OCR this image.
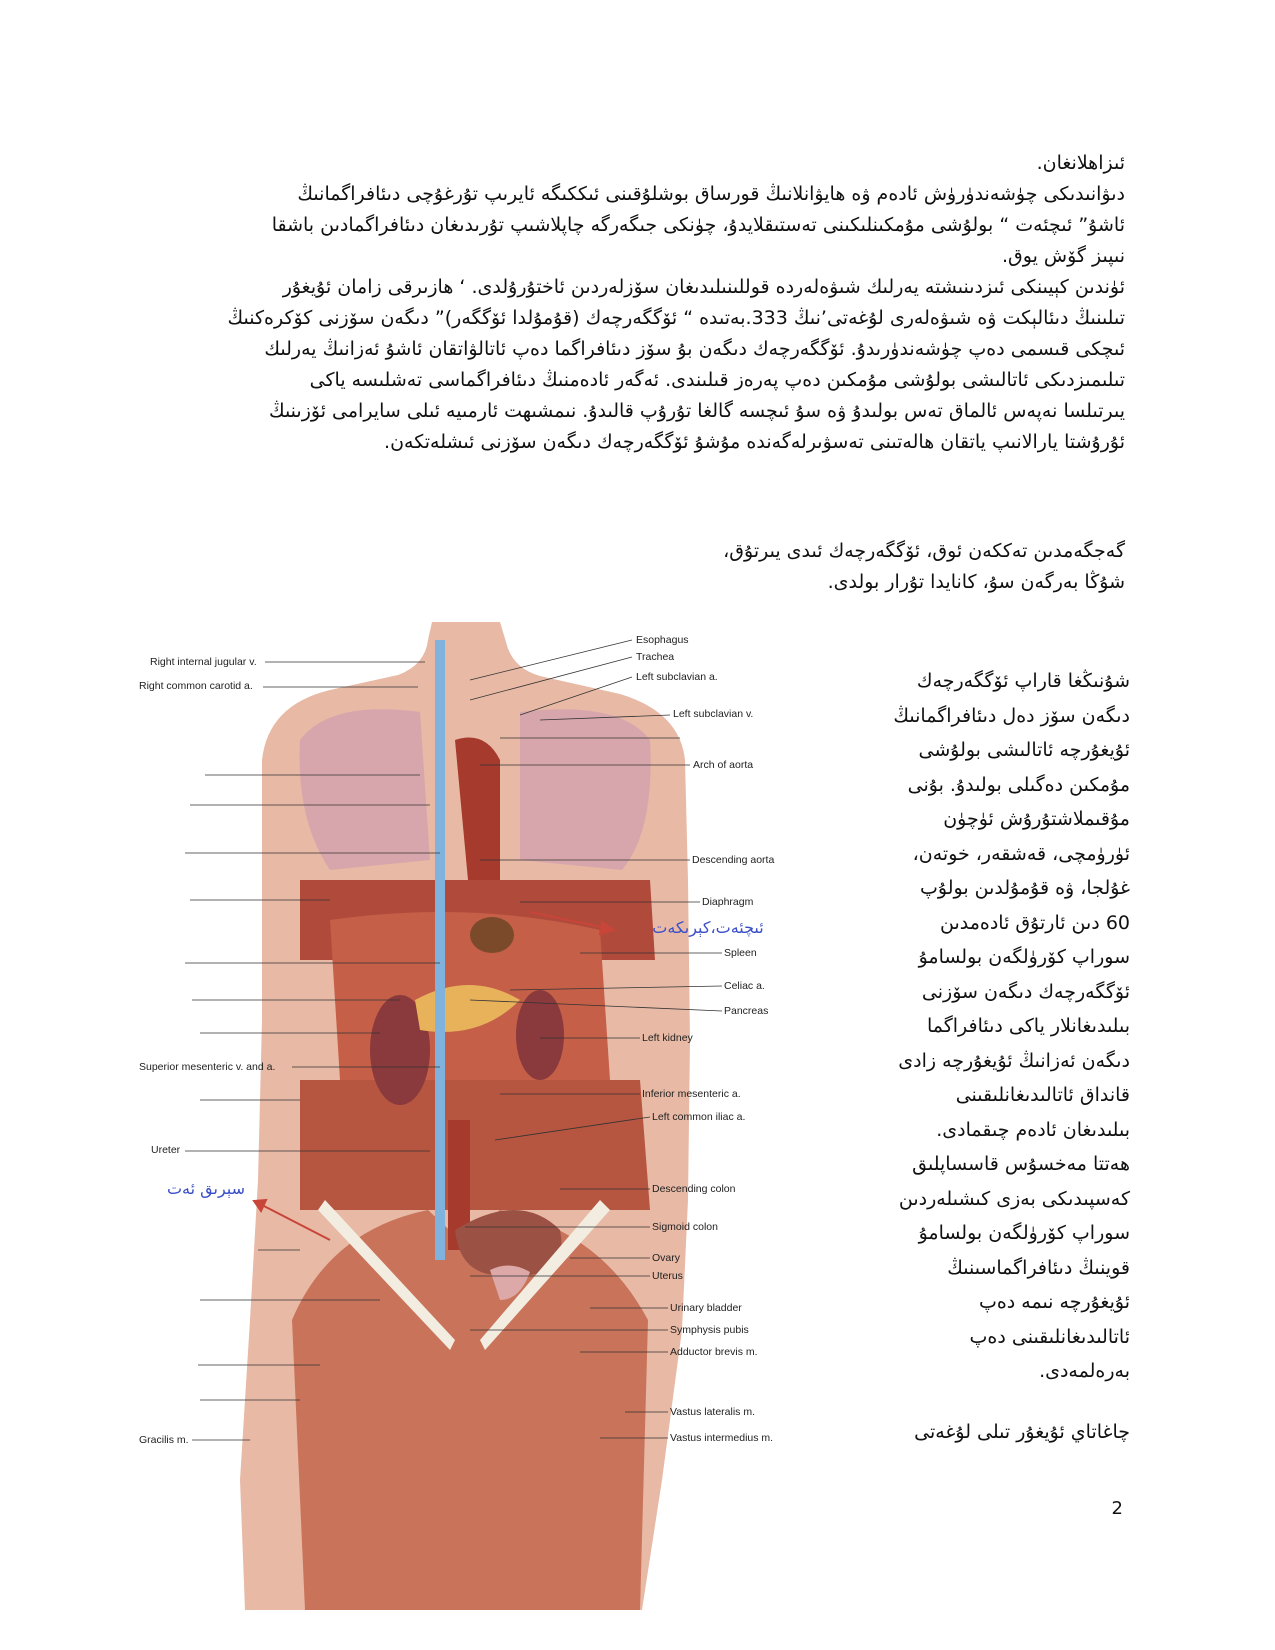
ئىزاھلانغان.

دىۋانىدىكى چۈشەندۈرۈش ئادەم ۋە ھايۋانلانىڭ قورساق بوشلۇقىنى ئىككىگە ئايرىپ تۇرغۇچى دىئافراگمانىڭ

ئاشۇ” ئىچئەت “ بولۇشى مۇمكىنلىكىنى تەستىقلايدۇ، چۈنكى جىگەرگە چاپلاشىپ تۇرىدىغان دىئافراگمادىن باشقا

نىپىز گۆش يوق.

ئۈندىن كېيىنكى ئىزدىنىشتە يەرلىك شىۋەلەردە قوللىنىلىدىغان سۆزلەردىن ئاختۇرۇلدى. ‘ ھازىرقى زامان ئۇيغۇر

تىلىنىڭ دىئالېكت ۋە شىۋەلەرى لۇغەتى’نىڭ 333.بەتىدە “ ئۆگگەرچەك (قۇمۇلدا ئۆگگەر)” دىگەن سۆزنى كۆكرەكنىڭ

ئىچكى قىسمى دەپ چۈشەندۈرىدۇ. ئۆگگەرچەك دىگەن بۇ سۆز دىئافراگما دەپ ئاتالۋاتقان ئاشۇ ئەزانىڭ يەرلىك

تىلىمىزدىكى ئاتالىشى بولۇشى مۇمكىن دەپ پەرەز قىلىندى. ئەگەر ئادەمنىڭ دىئافراگماسى تەشلىسە ياكى

يىرتىلسا نەپەس ئالماق تەس بولىدۇ ۋە سۇ ئىچسە گالغا تۇرۇپ قالىدۇ. نىمشىھت ئارمىيە ئىلى سايرامى ئۆزىنىڭ

ئۇرۇشتا يارالانىپ ياتقان ھالەتىنى تەسۋىرلەگەندە مۇشۇ ئۆگگەرچەك دىگەن سۆزنى ئىشلەتكەن.

گەجگەمدىن تەككەن ئوق، ئۆگگەرچەك ئىدى يىرتۇق،

شۇڭا بەرگەن سۇ، كانايدا تۇرار بولدى.

Right internal jugular v.
Right common carotid a.
Superior mesenteric v. and a.
Ureter
Gracilis m.
Esophagus
Trachea
Left subclavian a.
Left subclavian v.
Arch of aorta
Descending aorta
Diaphragm
Spleen
Celiac a.
Pancreas
Left kidney
Inferior mesenteric a.
Left common iliac a.
Descending colon
Sigmoid colon
Ovary
Uterus
Urinary bladder
Symphysis pubis
Adductor brevis m.
Vastus lateralis m.
Vastus intermedius m.
ئىچئەت،كېرىكەت
سېرىق ئەت

شۇنىڭغا قاراپ ئۆگگەرچەك

دىگەن سۆز دەل دىئافراگمانىڭ

ئۇيغۇرچە ئاتالىشى بولۇشى

مۇمكىن دەگىلى بولىدۇ. بۇنى

مۇقىملاشتۇرۇش ئۈچۈن

ئۈرۈمچى، قەشقەر، خوتەن،

غۇلجا، ۋە قۇمۇلدىن بولۇپ

60 دىن ئارتۇق ئادەمدىن

سوراپ كۆرۈلگەن بولسامۇ

ئۆگگەرچەك دىگەن سۆزنى

بىلىدىغانلار ياكى دىئافراگما

دىگەن ئەزانىڭ ئۇيغۇرچە زادى

قانداق ئاتالىدىغانلىقىنى

بىلىدىغان ئادەم چىقمادى.

ھەتتا مەخسۇس قاسساپلىق

كەسپىدىكى بەزى كىشىلەردىن

سوراپ كۆرۈلگەن بولسامۇ

قوينىڭ دىئافراگماسىنىڭ

ئۇيغۇرچە نىمە دەپ

ئاتالىدىغانلىقىنى دەپ

بەرەلمەدى.

چاغاتاي ئۇيغۇر تىلى لۇغەتى

2
